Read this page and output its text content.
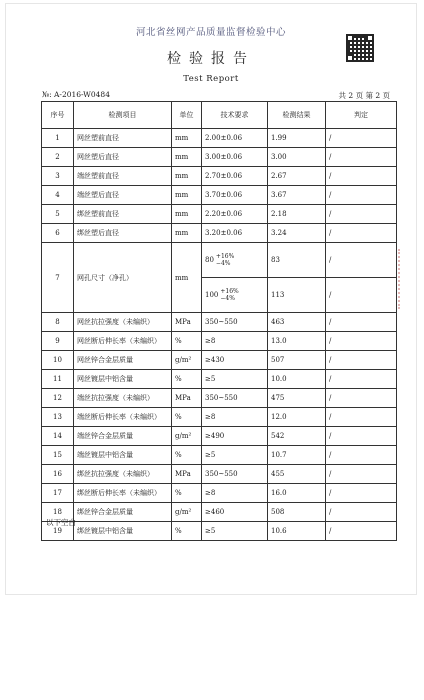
河北省丝网产品质量监督检验中心
检验报告
Test Report
№: A-2016-W0484	共 2 页 第 2 页
序号	检测项目	单位	技术要求	检测结果	判定
1	网丝塑前直径	mm	2.00±0.06	1.99	/
2	网丝塑后直径	mm	3.00±0.06	3.00	/
3	端丝塑前直径	mm	2.70±0.06	2.67	/
4	端丝塑后直径	mm	3.70±0.06	3.67	/
5	绑丝塑前直径	mm	2.20±0.06	2.18	/
6	绑丝塑后直径	mm	3.20±0.06	3.24	/
7	网孔尺寸（净孔）	mm	80 +16%
−4%	83	/
			100 +16%
−4%	113	/
8	网丝抗拉强度（未编织）	MPa	350~550	463	/
9	网丝断后伸长率（未编织）	%	≥8	13.0	/
10	网丝锌合金层质量	g/m²	≥430	507	/
11	网丝镀层中铝含量	%	≥5	10.0	/
12	端丝抗拉强度（未编织）	MPa	350~550	475	/
13	端丝断后伸长率（未编织）	%	≥8	12.0	/
14	端丝锌合金层质量	g/m²	≥490	542	/
15	端丝镀层中铝含量	%	≥5	10.7	/
16	绑丝抗拉强度（未编织）	MPa	350~550	455	/
17	绑丝断后伸长率（未编织）	%	≥8	16.0	/
18	绑丝锌合金层质量	g/m²	≥460	508	/
19	绑丝镀层中铝含量	%	≥5	10.6	/
以下空白
